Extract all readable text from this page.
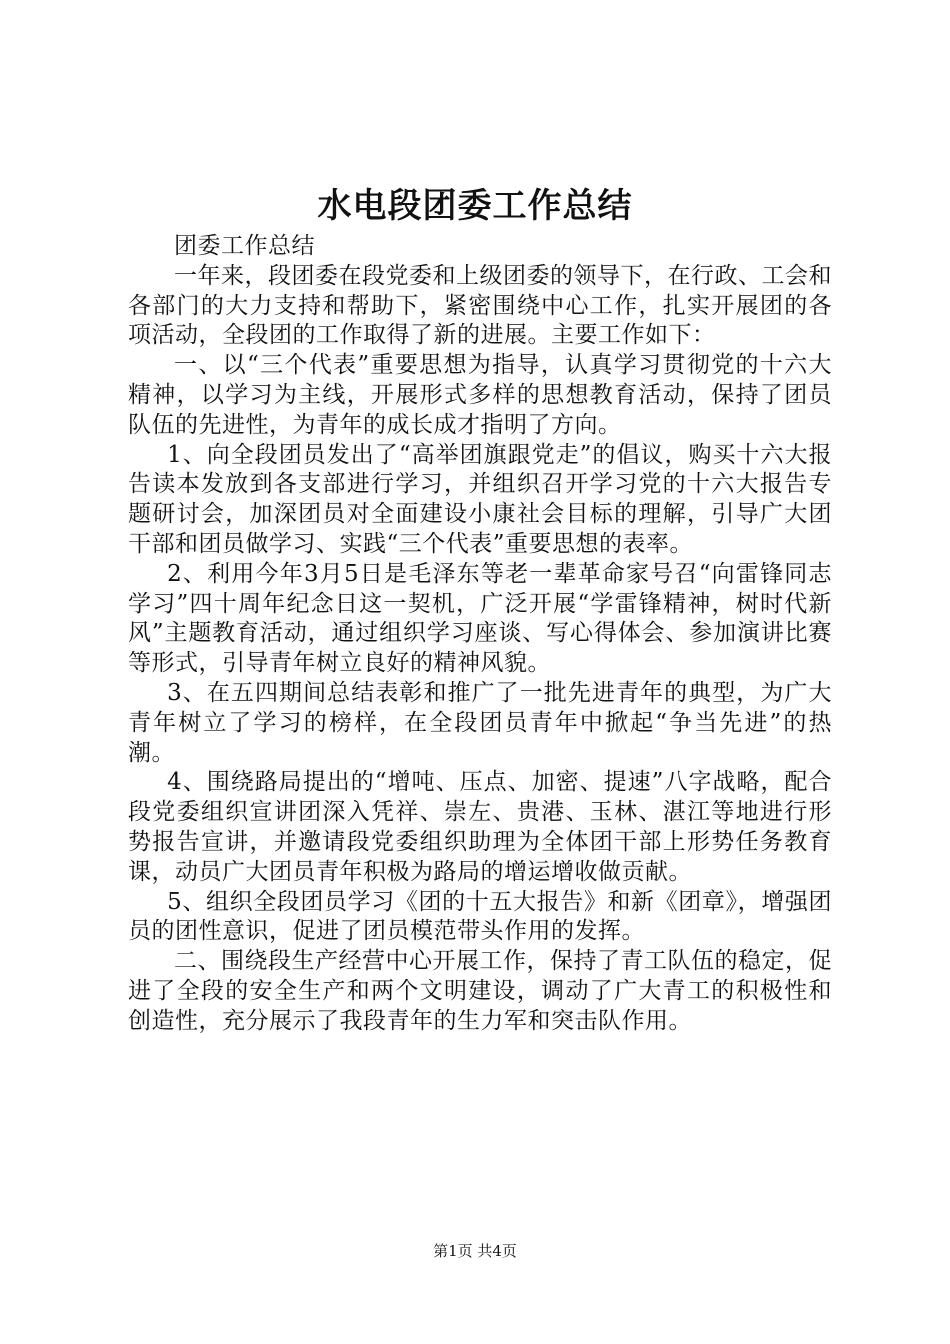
水电段团委工作总结

团委工作总结

一年来，段团委在段党委和上级团委的领导下，在行政、工会和各部门的大力支持和帮助下，紧密围绕中心工作，扎实开展团的各项活动，全段团的工作取得了新的进展。主要工作如下：

一、以“三个代表”重要思想为指导，认真学习贯彻党的十六大精神，以学习为主线，开展形式多样的思想教育活动，保持了团员队伍的先进性，为青年的成长成才指明了方向。

1、向全段团员发出了“高举团旗跟党走”的倡议，购买十六大报告读本发放到各支部进行学习，并组织召开学习党的十六大报告专题研讨会，加深团员对全面建设小康社会目标的理解，引导广大团干部和团员做学习、实践“三个代表”重要思想的表率。

2、利用今年3月5日是毛泽东等老一辈革命家号召“向雷锋同志学习”四十周年纪念日这一契机，广泛开展“学雷锋精神，树时代新风”主题教育活动，通过组织学习座谈、写心得体会、参加演讲比赛等形式，引导青年树立良好的精神风貌。

3、在五四期间总结表彰和推广了一批先进青年的典型，为广大青年树立了学习的榜样，在全段团员青年中掀起“争当先进”的热潮。

4、围绕路局提出的“增吨、压点、加密、提速”八字战略，配合段党委组织宣讲团深入凭祥、崇左、贵港、玉林、湛江等地进行形势报告宣讲，并邀请段党委组织助理为全体团干部上形势任务教育课，动员广大团员青年积极为路局的增运增收做贡献。

5、组织全段团员学习《团的十五大报告》和新《团章》，增强团员的团性意识，促进了团员模范带头作用的发挥。

二、围绕段生产经营中心开展工作，保持了青工队伍的稳定，促进了全段的安全生产和两个文明建设，调动了广大青工的积极性和创造性，充分展示了我段青年的生力军和突击队作用。

第1页 共4页
